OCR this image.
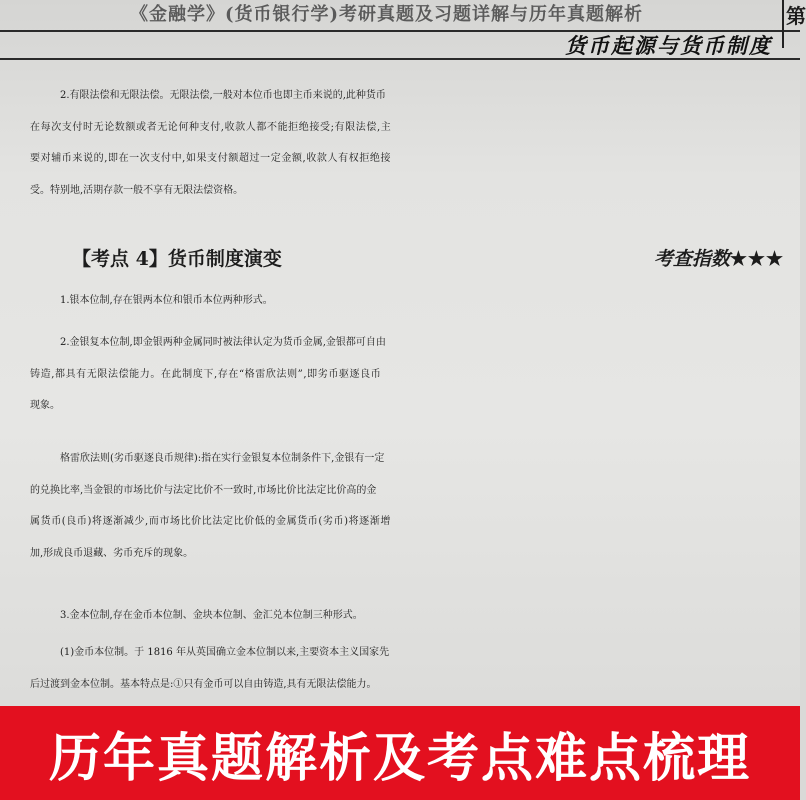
《金融学》(货币银行学)考研真题及习题详解与历年真题解析
货币起源与货币制度
第
2.有限法偿和无限法偿。无限法偿,一般对本位币也即主币来说的,此种货币
在每次支付时无论数额或者无论何种支付,收款人都不能拒绝接受;有限法偿,主
要对辅币来说的,即在一次支付中,如果支付额超过一定金额,收款人有权拒绝接
受。特别地,活期存款一般不享有无限法偿资格。
【考点 4】货币制度演变	考查指数★★★
1.银本位制,存在银两本位和银币本位两种形式。
2.金银复本位制,即金银两种金属同时被法律认定为货币金属,金银都可自由
铸造,都具有无限法偿能力。在此制度下,存在“格雷欣法则”,即劣币驱逐良币
现象。
格雷欣法则(劣币驱逐良币规律):指在实行金银复本位制条件下,金银有一定
的兑换比率,当金银的市场比价与法定比价不一致时,市场比价比法定比价高的金
属货币(良币)将逐渐减少,而市场比价比法定比价低的金属货币(劣币)将逐渐增
加,形成良币退藏、劣币充斥的现象。
3.金本位制,存在金币本位制、金块本位制、金汇兑本位制三种形式。
(1)金币本位制。于 1816 年从英国确立金本位制以来,主要资本主义国家先
后过渡到金本位制。基本特点是:①只有金币可以自由铸造,具有无限法偿能力。
历年真题解析及考点难点梳理
